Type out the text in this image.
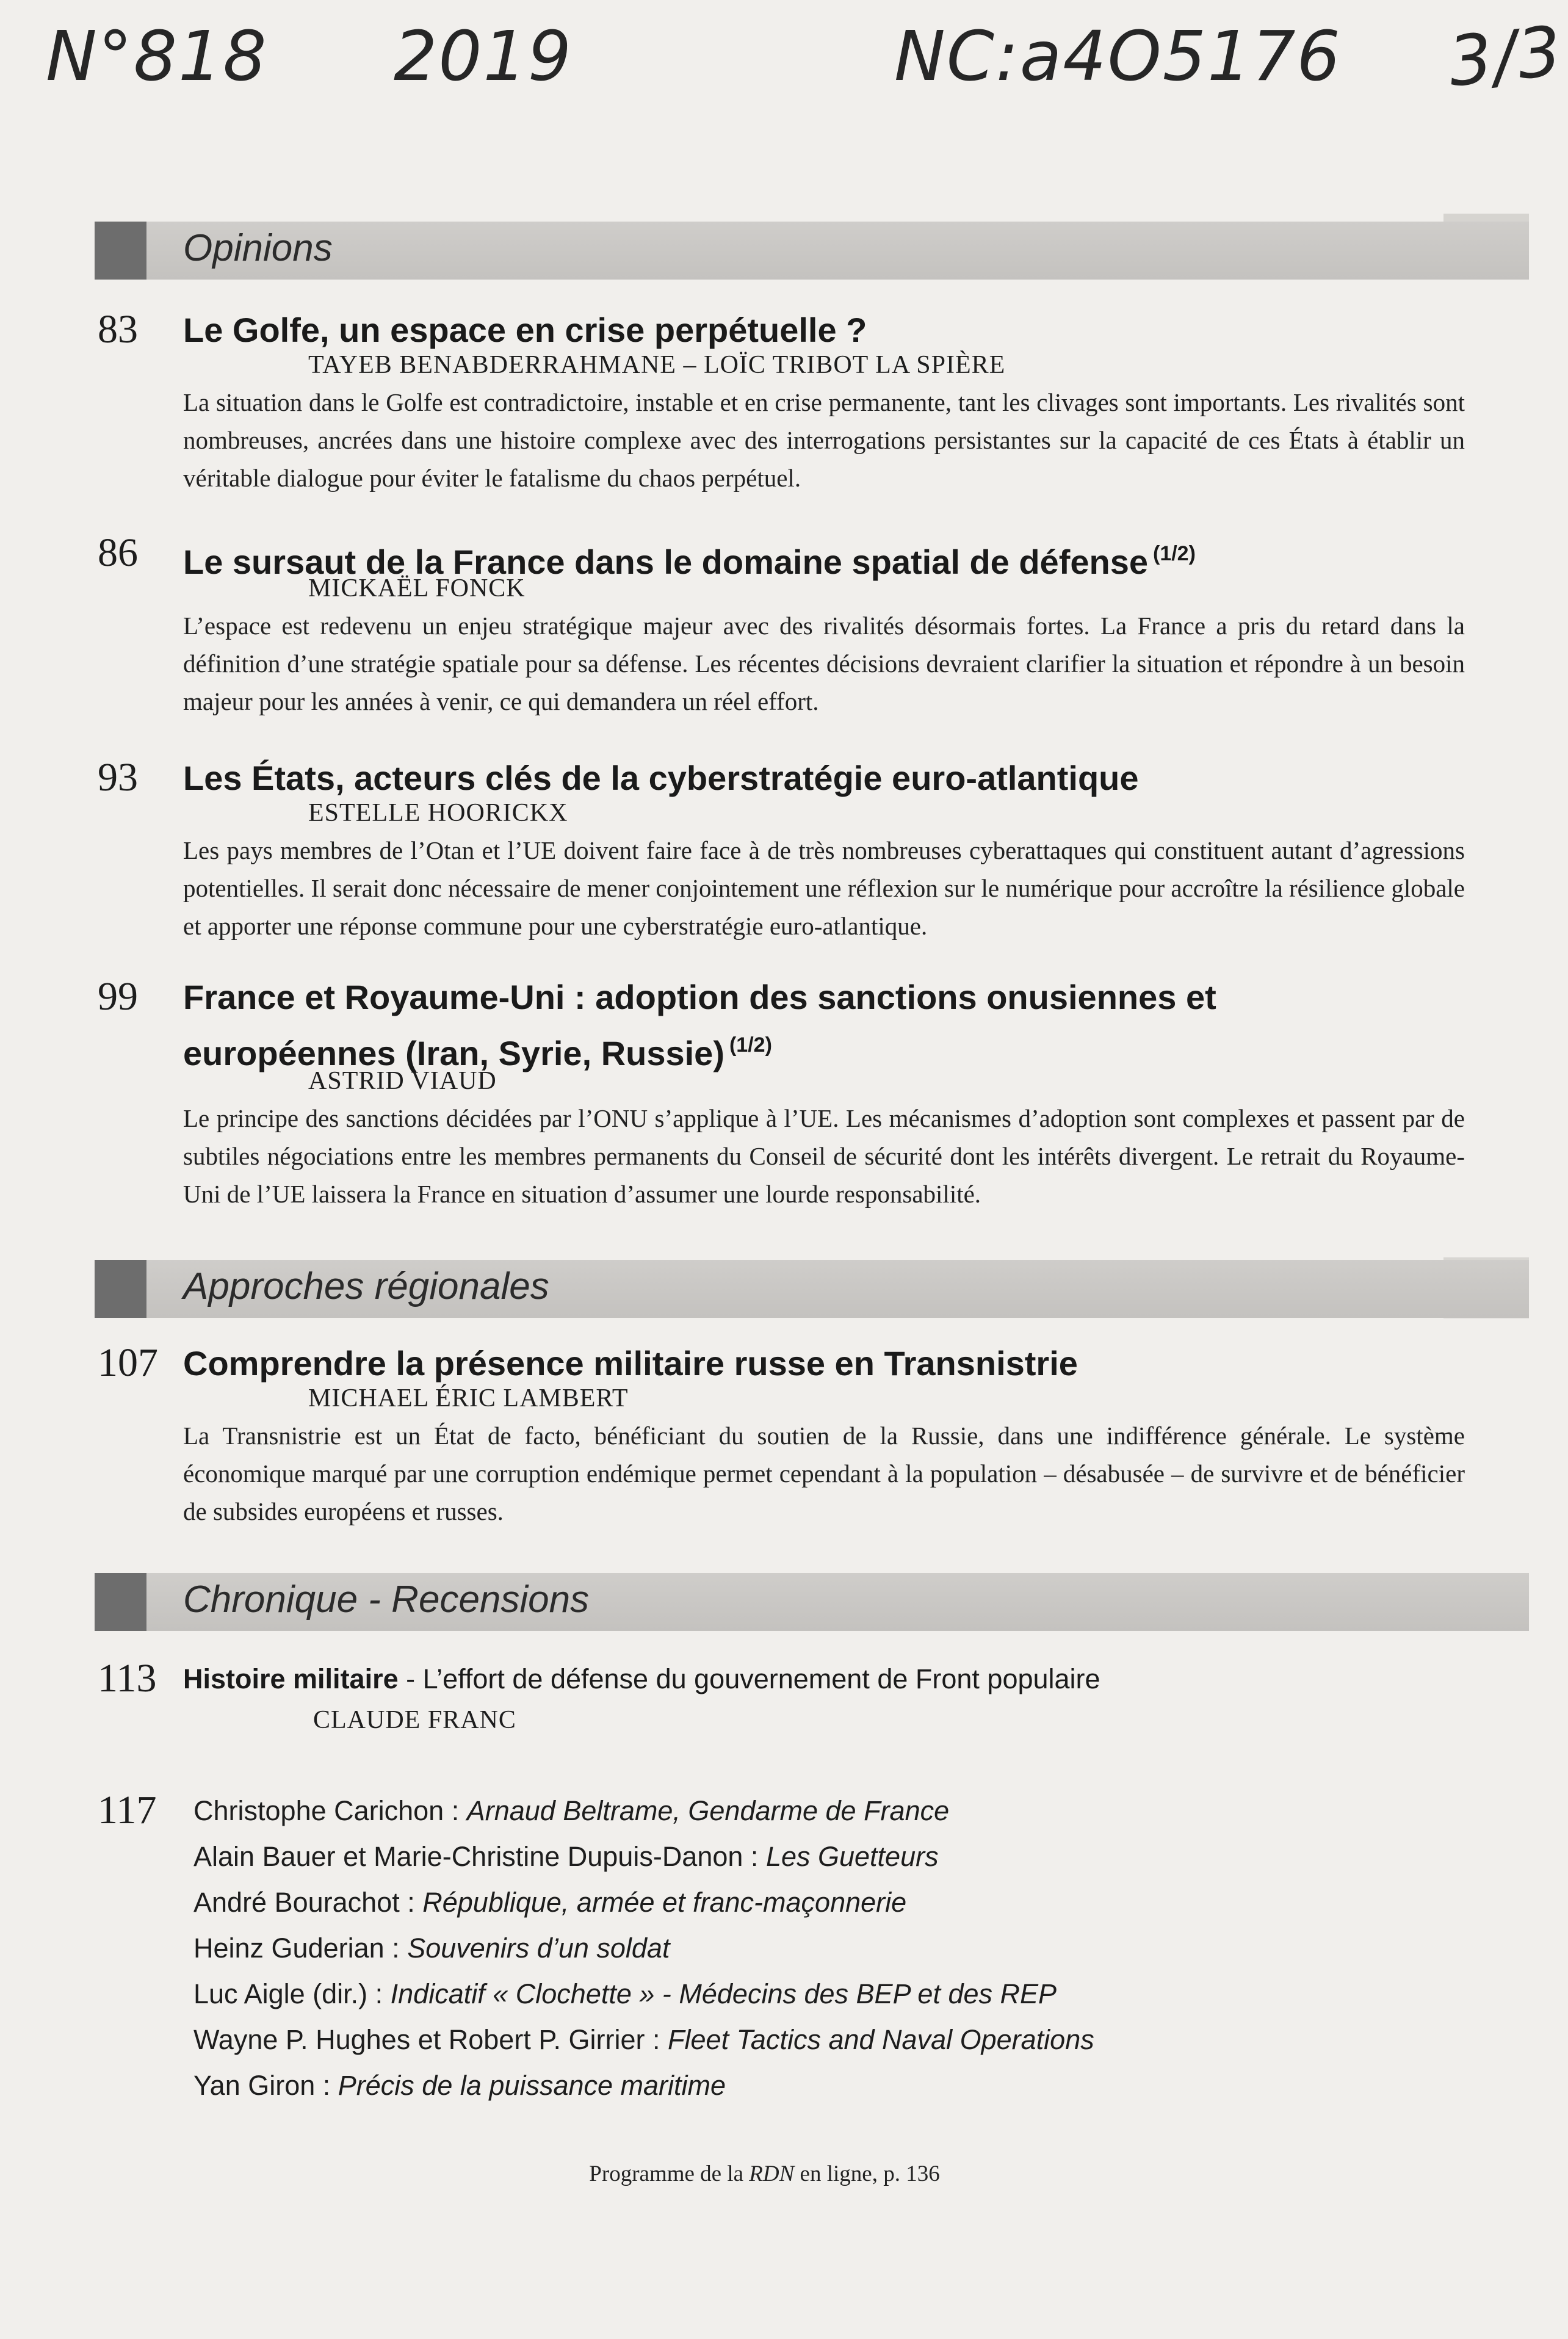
N°818 2019	NC:a4O5176 3/3
Opinions
83 Le Golfe, un espace en crise perpétuelle ?
TAYEB BENABDERRAHMANE – LOÏC TRIBOT LA SPIÈRE
La situation dans le Golfe est contradictoire, instable et en crise permanente, tant les clivages sont importants. Les rivalités sont nombreuses, ancrées dans une histoire complexe avec des interrogations persistantes sur la capacité de ces États à établir un véritable dialogue pour éviter le fatalisme du chaos perpétuel.
86 Le sursaut de la France dans le domaine spatial de défense $^{(1/2)}$
MICKAËL FONCK
L’espace est redevenu un enjeu stratégique majeur avec des rivalités désormais fortes. La France a pris du retard dans la définition d’une stratégie spatiale pour sa défense. Les récentes décisions devraient clarifier la situation et répondre à un besoin majeur pour les années à venir, ce qui demandera un réel effort.
93 Les États, acteurs clés de la cyberstratégie euro-atlantique
ESTELLE HOORICKX
Les pays membres de l’Otan et l’UE doivent faire face à de très nombreuses cyberattaques qui constituent autant d’agressions potentielles. Il serait donc nécessaire de mener conjointement une réflexion sur le numérique pour accroître la résilience globale et apporter une réponse commune pour une cyberstratégie euro-atlantique.
99 France et Royaume-Uni : adoption des sanctions onusiennes et européennes (Iran, Syrie, Russie) $^{(1/2)}$
ASTRID VIAUD
Le principe des sanctions décidées par l’ONU s’applique à l’UE. Les mécanismes d’adoption sont complexes et passent par de subtiles négociations entre les membres permanents du Conseil de sécurité dont les intérêts divergent. Le retrait du Royaume-Uni de l’UE laissera la France en situation d’assumer une lourde responsabilité.
Approches régionales
107 Comprendre la présence militaire russe en Transnistrie
MICHAEL ÉRIC LAMBERT
La Transnistrie est un État de facto, bénéficiant du soutien de la Russie, dans une indifférence générale. Le système économique marqué par une corruption endémique permet cependant à la population – désabusée – de survivre et de bénéficier de subsides européens et russes.
Chronique - Recensions
113 Histoire militaire - L’effort de défense du gouvernement de Front populaire
CLAUDE FRANC
117 Christophe Carichon : Arnaud Beltrame, Gendarme de France
Alain Bauer et Marie-Christine Dupuis-Danon : Les Guetteurs
André Bourachot : République, armée et franc-maçonnerie
Heinz Guderian : Souvenirs d’un soldat
Luc Aigle (dir.) : Indicatif « Clochette » - Médecins des BEP et des REP
Wayne P. Hughes et Robert P. Girrier : Fleet Tactics and Naval Operations
Yan Giron : Précis de la puissance maritime
Programme de la RDN en ligne, p. 136
